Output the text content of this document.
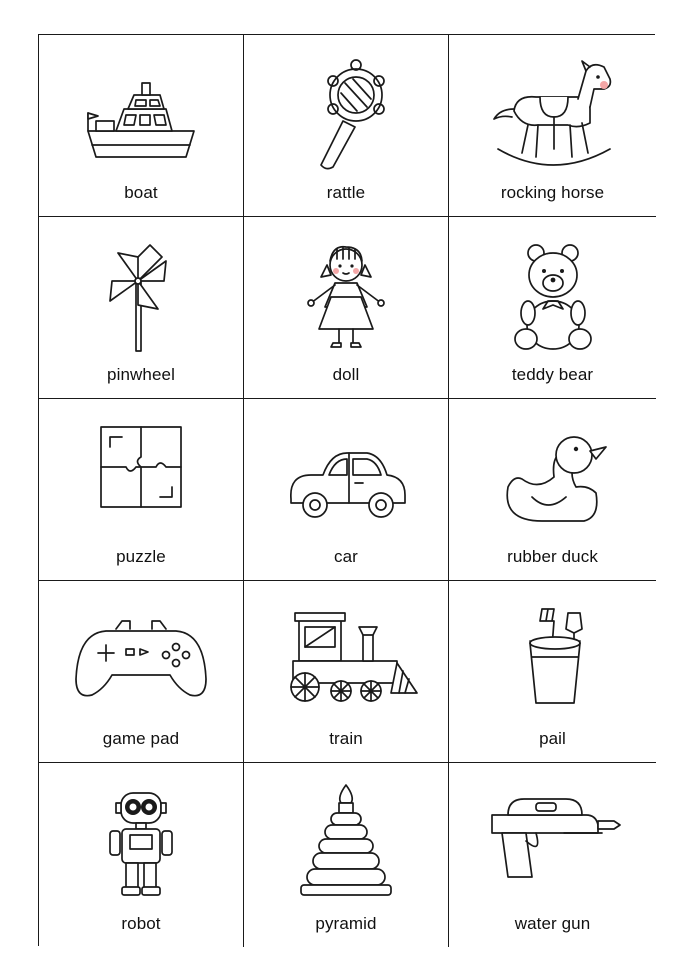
boat	rattle	rocking horse
pinwheel	doll	teddy bear
puzzle	car	rubber duck
game pad	train	pail
robot	pyramid	water gun
